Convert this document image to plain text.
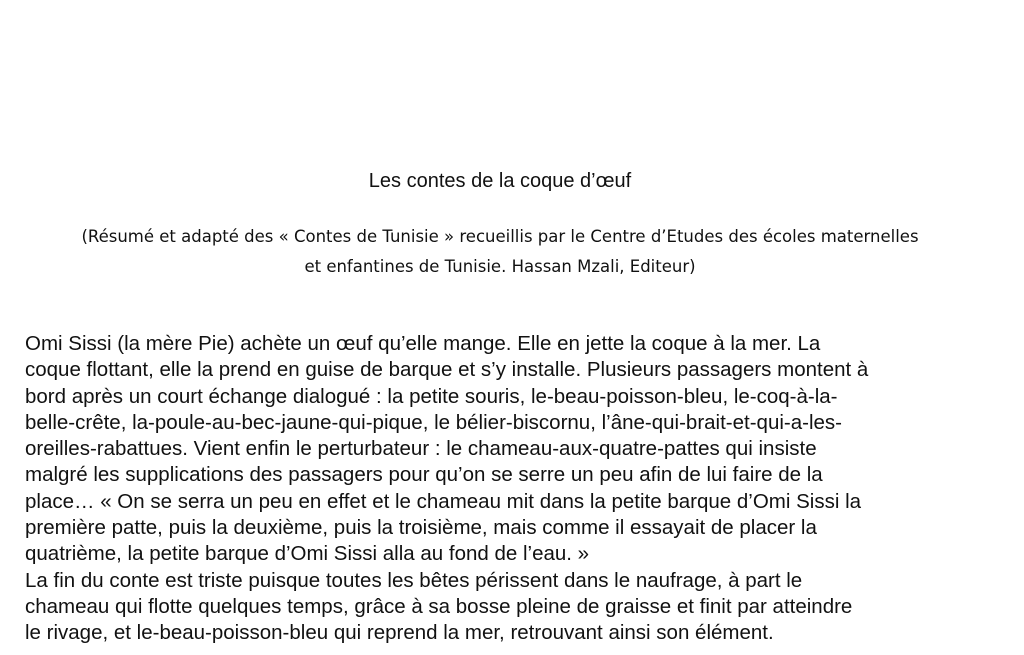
Les contes de la coque d’œuf
(Résumé et adapté des « Contes de Tunisie » recueillis par le Centre d’Etudes des écoles maternelles
et enfantines de Tunisie. Hassan Mzali, Editeur)
Omi Sissi (la mère Pie) achète un œuf qu’elle mange. Elle en jette la coque à la mer. La
coque flottant, elle la prend en guise de barque et s’y installe. Plusieurs passagers montent à
bord après un court échange dialogué : la petite souris, le-beau-poisson-bleu, le-coq-à-la-
belle-crête, la-poule-au-bec-jaune-qui-pique, le bélier-biscornu, l’âne-qui-brait-et-qui-a-les-
oreilles-rabattues. Vient enfin le perturbateur : le chameau-aux-quatre-pattes qui insiste
malgré les supplications des passagers pour qu’on se serre un peu afin de lui faire de la
place… « On se serra un peu en effet et le chameau mit dans la petite barque d’Omi Sissi la
première patte, puis la deuxième, puis la troisième, mais comme il essayait de placer la
quatrième, la petite barque d’Omi Sissi alla au fond de l’eau. »
La fin du conte est triste puisque toutes les bêtes périssent dans le naufrage, à part le
chameau qui flotte quelques temps, grâce à sa bosse pleine de graisse et finit par atteindre
le rivage, et le-beau-poisson-bleu qui reprend la mer, retrouvant ainsi son élément.
